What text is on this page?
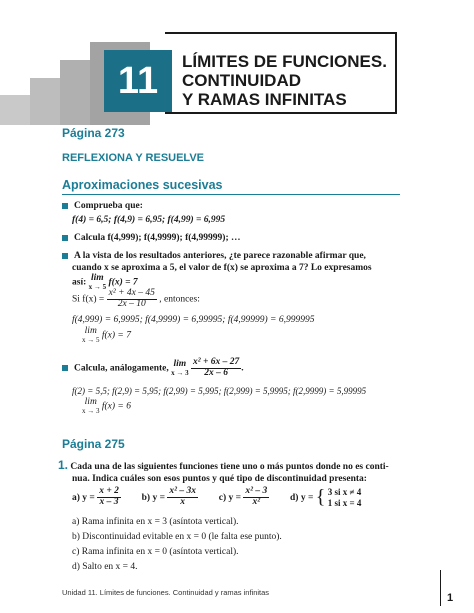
11	LÍMITES DE FUNCIONES.
CONTINUIDAD
Y RAMAS INFINITAS
Página 273
REFLEXIONA Y RESUELVE
Aproximaciones sucesivas
Comprueba que:
f(4) = 6,5; f(4,9) = 6,95; f(4,99) = 6,995
Calcula f(4,999); f(4,9999); f(4,99999); …
A la vista de los resultados anteriores, ¿te parece razonable afirmar que,
cuando x se aproxima a 5, el valor de f(x) se aproxima a 7? Lo expresamos
así: lim
x → 5 f(x) = 7
Si $f(x) = \frac{\text{x² + 4x – 45}}{2x - 10}$ , entonces:
f(4,999) = 6,9995; f(4,9999) = 6,99995; f(4,99999) = 6,999995
lim
x → 5 f(x) = 7
Calcula, análogamente, lim
x → 3
$\frac{\text{x² + 6x – 27}}{2x - 6}$ .
f(2) = 5,5; f(2,9) = 5,95; f(2,99) = 5,995; f(2,999) = 5,9995; f(2,9999) = 5,99995
lim
x → 3 f(x) = 6
Página 275
1. Cada una de las siguientes funciones tiene uno o más puntos donde no es conti-
nua. Indica cuáles son esos puntos y qué tipo de discontinuidad presenta:
a) $y = \frac{x + 2}{x - 3} b$) $y = \frac{\text{x² – 3x}}{x} c$) $y = \frac{\text{x² – 3}}{\text{x²}} d$) y = { 3 si x ≠ 4
1 si x = 4
a) Rama infinita en x = 3 (asíntota vertical).
b) Discontinuidad evitable en x = 0 (le falta ese punto).
c) Rama infinita en x = 0 (asíntota vertical).
d) Salto en x = 4.
Unidad 11. Límites de funciones. Continuidad y ramas infinitas	1
